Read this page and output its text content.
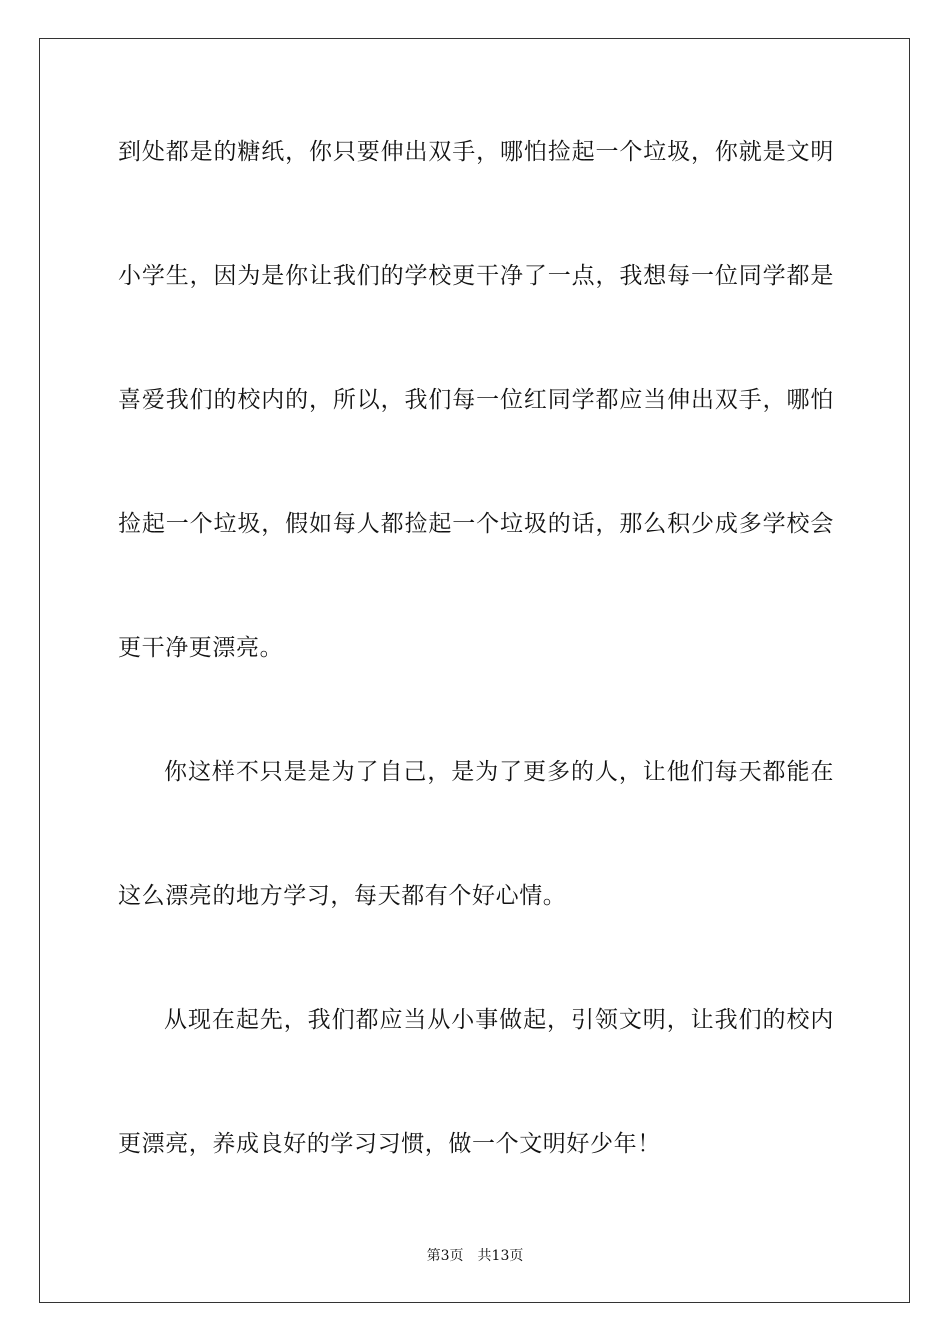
到处都是的糖纸，你只要伸出双手，哪怕捡起一个垃圾，你就是文明
小学生，因为是你让我们的学校更干净了一点，我想每一位同学都是
喜爱我们的校内的，所以，我们每一位红同学都应当伸出双手，哪怕
捡起一个垃圾，假如每人都捡起一个垃圾的话，那么积少成多学校会
更干净更漂亮。
你这样不只是是为了自己，是为了更多的人，让他们每天都能在
这么漂亮的地方学习，每天都有个好心情。
从现在起先，我们都应当从小事做起，引领文明，让我们的校内
更漂亮，养成良好的学习习惯，做一个文明好少年！
第3页 共13页
